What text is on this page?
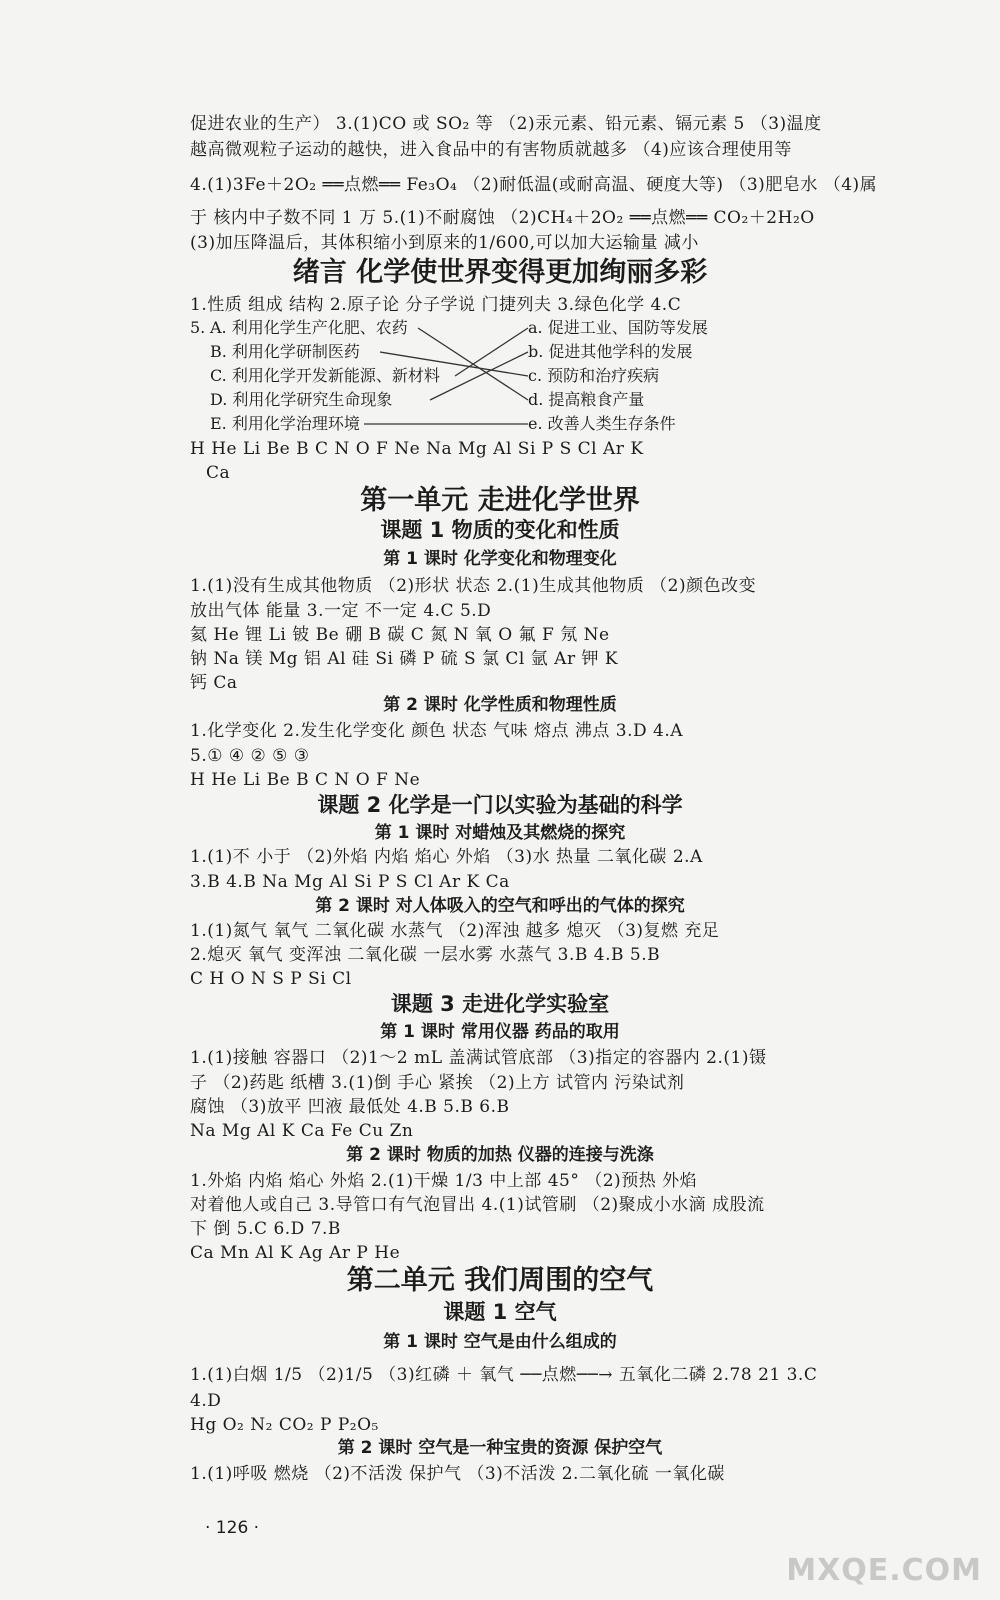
促进农业的生产） 3.(1)CO 或 SO₂ 等 （2)汞元素、铅元素、镉元素 5 （3)温度
越高微观粒子运动的越快，进入食品中的有害物质就越多 （4)应该合理使用等
4.(1)3Fe＋2O₂ ══点燃══ Fe₃O₄ （2)耐低温(或耐高温、硬度大等) （3)肥皂水 （4)属
于 核内中子数不同 1 万 5.(1)不耐腐蚀 （2)CH₄＋2O₂ ══点燃══ CO₂＋2H₂O
(3)加压降温后，其体积缩小到原来的1/600,可以加大运输量 减小
绪言 化学使世界变得更加绚丽多彩
1.性质 组成 结构 2.原子论 分子学说 门捷列夫 3.绿色化学 4.C
5. A. 利用化学生产化肥、农药
B. 利用化学研制医药
C. 利用化学开发新能源、新材料
D. 利用化学研究生命现象
E. 利用化学治理环境
a. 促进工业、国防等发展
b. 促进其他学科的发展
c. 预防和治疗疾病
d. 提高粮食产量
e. 改善人类生存条件
H He Li Be B C N O F Ne Na Mg Al Si P S Cl Ar K
Ca
第一单元 走进化学世界
课题 1 物质的变化和性质
第 1 课时 化学变化和物理变化
1.(1)没有生成其他物质 （2)形状 状态 2.(1)生成其他物质 （2)颜色改变
放出气体 能量 3.一定 不一定 4.C 5.D
氦 He 锂 Li 铍 Be 硼 B 碳 C 氮 N 氧 O 氟 F 氖 Ne
钠 Na 镁 Mg 铝 Al 硅 Si 磷 P 硫 S 氯 Cl 氩 Ar 钾 K
钙 Ca
第 2 课时 化学性质和物理性质
1.化学变化 2.发生化学变化 颜色 状态 气味 熔点 沸点 3.D 4.A
5.① ④ ② ⑤ ③
H He Li Be B C N O F Ne
课题 2 化学是一门以实验为基础的科学
第 1 课时 对蜡烛及其燃烧的探究
1.(1)不 小于 （2)外焰 内焰 焰心 外焰 （3)水 热量 二氧化碳 2.A
3.B 4.B Na Mg Al Si P S Cl Ar K Ca
第 2 课时 对人体吸入的空气和呼出的气体的探究
1.(1)氮气 氧气 二氧化碳 水蒸气 （2)浑浊 越多 熄灭 （3)复燃 充足
2.熄灭 氧气 变浑浊 二氧化碳 一层水雾 水蒸气 3.B 4.B 5.B
C H O N S P Si Cl
课题 3 走进化学实验室
第 1 课时 常用仪器 药品的取用
1.(1)接触 容器口 （2)1～2 mL 盖满试管底部 （3)指定的容器内 2.(1)镊
子 （2)药匙 纸槽 3.(1)倒 手心 紧挨 （2)上方 试管内 污染试剂
腐蚀 （3)放平 凹液 最低处 4.B 5.B 6.B
Na Mg Al K Ca Fe Cu Zn
第 2 课时 物质的加热 仪器的连接与洗涤
1.外焰 内焰 焰心 外焰 2.(1)干燥 1/3 中上部 45° （2)预热 外焰
对着他人或自己 3.导管口有气泡冒出 4.(1)试管刷 （2)聚成小水滴 成股流
下 倒 5.C 6.D 7.B
Ca Mn Al K Ag Ar P He
第二单元 我们周围的空气
课题 1 空气
第 1 课时 空气是由什么组成的
1.(1)白烟 1/5 （2)1/5 （3)红磷 ＋ 氧气 ──点燃──→ 五氧化二磷 2.78 21 3.C
4.D
Hg O₂ N₂ CO₂ P P₂O₅
第 2 课时 空气是一种宝贵的资源 保护空气
1.(1)呼吸 燃烧 （2)不活泼 保护气 （3)不活泼 2.二氧化硫 一氧化碳
· 126 ·
MXQE.COM
